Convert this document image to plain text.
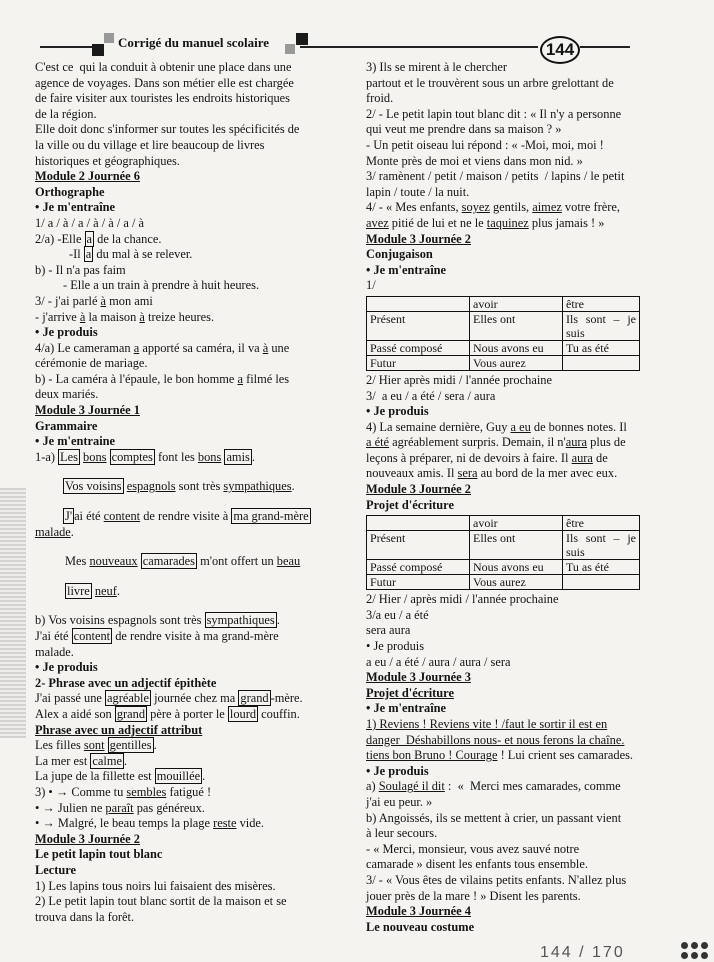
Corrigé du manuel scolaire	144

C'est ce  qui la conduit à obtenir une place dans une

agence de voyages. Dans son métier elle est chargée

de faire visiter aux touristes les endroits historiques

de la région.

Elle doit donc s'informer sur toutes les spécificités de

la ville ou du village et lire beaucoup de livres

historiques et géographiques.

Module 2 Journée 6

Orthographe

• Je m'entraîne

1/ a / à / a / à / à / a / à

2/a) -Elle a de la chance.

-Il a du mal à se relever.

b) - Il n'a pas faim

- Elle a un train à prendre à huit heures.

3/ - j'ai parlé à mon ami

- j'arrive à la maison à treize heures.

• Je produis

4/a) Le cameraman a apporté sa caméra, il va à une

cérémonie de mariage.

b) - La caméra à l'épaule, le bon homme a filmé les

deux mariés.

Module 3 Journée 1

Grammaire

• Je m'entraine

1-a) Les bons comptes font les bons amis .

Vos voisins espagnols sont très sympathiques.

J' ai été content de rendre visite à ma grand-mère

malade.

Mes nouveaux camarades m'ont offert un beau

livre neuf.

b) Vos voisins espagnols sont très sympathiques .

J'ai été content de rendre visite à ma grand-mère

malade.

• Je produis

2- Phrase avec un adjectif épithète

J'ai passé une agréable journée chez ma grand -mère.

Alex a aidé son grand père à porter le lourd couffin.

Phrase avec un adjectif attribut

Les filles sont gentilles .

La mer est calme .

La jupe de la fillette est mouillée .

3) • → Comme tu sembles fatigué !

• → Julien ne paraît pas généreux.

• → Malgré, le beau temps la plage reste vide.

Module 3 Journée 2

Le petit lapin tout blanc

Lecture

1) Les lapins tous noirs lui faisaient des misères.

2) Le petit lapin tout blanc sortit de la maison et se

trouva dans la forêt.

3) Ils se mirent à le chercher

partout et le trouvèrent sous un arbre grelottant de

froid.

2/ - Le petit lapin tout blanc dit : « Il n'y a personne

qui veut me prendre dans sa maison ? »

- Un petit oiseau lui répond : « -Moi, moi, moi !

Monte près de moi et viens dans mon nid. »

3/ ramènent / petit / maison / petits  / lapins / le petit

lapin / toute / la nuit.

4/ - « Mes enfants, soyez gentils, aimez votre frère,

avez pitié de lui et ne le taquinez plus jamais ! »

Module 3 Journée 2

Conjugaison

• Je m'entraîne

1/

	avoir	être
Présent	Elles ont	Ils sont – je suis
Passé composé	Nous avons eu	Tu as été
Futur	Vous aurez	

2/ Hier après midi / l'année prochaine

3/  a eu / a été / sera / aura

• Je produis

4) La semaine dernière, Guy a eu de bonnes notes. Il

a été agréablement surpris. Demain, il n'aura plus de

leçons à préparer, ni de devoirs à faire. Il aura de

nouveaux amis. Il sera au bord de la mer avec eux.

Module 3 Journée 2

Projet d'écriture

	avoir	être
Présent	Elles ont	Ils sont – je suis
Passé composé	Nous avons eu	Tu as été
Futur	Vous aurez	

2/ Hier / après midi / l'année prochaine

3/a eu / a été

sera aura

• Je produis

a eu / a été / aura / aura / sera

Module 3 Journée 3

Projet d'écriture

• Je m'entraîne

1) Reviens ! Reviens vite ! /faut le sortir il est en

danger  Déshabillons nous- et nous ferons la chaîne.

tiens bon Bruno ! Courage ! Lui crient ses camarades.

• Je produis

a) Soulagé il dit :  «  Merci mes camarades, comme

j'ai eu peur. »

b) Angoissés, ils se mettent à crier, un passant vient

à leur secours.

- « Merci, monsieur, vous avez sauvé notre

camarade » disent les enfants tous ensemble.

3/ - « Vous êtes de vilains petits enfants. N'allez plus

jouer près de la mare ! » Disent les parents.

Module 3 Journée 4

Le nouveau costume

144 / 170
